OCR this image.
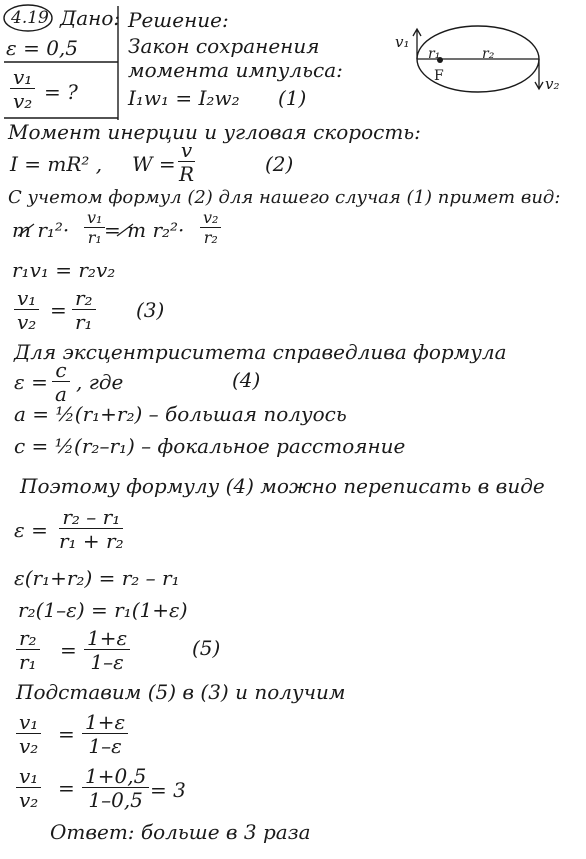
4.19 Дано:
ε = 0,5
$\frac{\text{v₁}}{\text{v₂}}$ = ?
Решение:
Закон сохранения
момента импульса:
I₁w₁ = I₂w₂ (1)
v₁
r₁	r₂
F	v₂
Момент инерции и угловая скорость:
I = mR² , $W = \frac{v}{R}$	(2)
С учетом формул (2) для нашего случая (1) примет вид:
m $r_1^2\cdot \frac{\text{v₁}}{\text{r₁}}$
= m $r_2^2\cdot \frac{\text{v₂}}{\text{r₂}}$
r₁v₁ = r₂v₂
$\frac{\text{v₁}}{\text{v₂}} = \frac{\text{r₂}}{\text{r₁}} (3)$
Для эксцентриситета справедлива формула
$\varepsilon = \frac{c}{a}$ , где	(4)
a = ½(r₁+r₂) – большая полуось
c = ½(r₂–r₁) – фокальное расстояние
Поэтому формулу (4) можно переписать в виде
$\varepsilon = \frac{\text{r₂ – r₁}}{\text{r₁ + r₂}}$
ε(r₁+r₂) = r₂ – r₁
r₂(1–ε) = r₁(1+ε)
$\frac{\text{r₂}}{\text{r₁}} = \frac{1+\varepsilon}{1-\varepsilon}$	(5)
Подставим (5) в (3) и получим
$\frac{\text{v₁}}{\text{v₂}} = \frac{1+\varepsilon}{1-\varepsilon}$
$\frac{\text{v₁}}{\text{v₂}} = \frac{1+0,5}{1-0,5} = 3$
Ответ: больше в 3 раза
